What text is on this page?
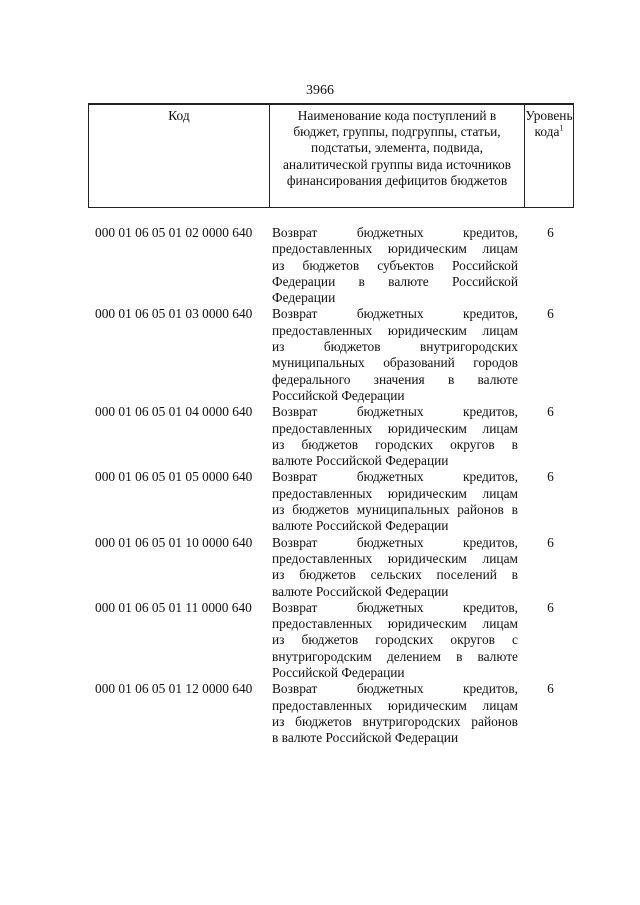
3966
Код	Наименование кода поступлений в бюджет, группы, подгруппы, статьи, подстатьи, элемента, подвида, аналитической группы вида источников финансирования дефицитов бюджетов
Уровень кода$^1$
000 01 06 05 01 02 0000 640	Возврат бюджетных кредитов,
предоставленных юридическим лицам
из бюджетов субъектов Российской
Федерации в валюте Российской
Федерации
6
000 01 06 05 01 03 0000 640	Возврат бюджетных кредитов,
предоставленных юридическим лицам
из бюджетов внутригородских
муниципальных образований городов
федерального значения в валюте
Российской Федерации
6
000 01 06 05 01 04 0000 640	Возврат бюджетных кредитов,
предоставленных юридическим лицам
из бюджетов городских округов в
валюте Российской Федерации
6
000 01 06 05 01 05 0000 640	Возврат бюджетных кредитов,
предоставленных юридическим лицам
из бюджетов муниципальных районов в
валюте Российской Федерации
6
000 01 06 05 01 10 0000 640	Возврат бюджетных кредитов,
предоставленных юридическим лицам
из бюджетов сельских поселений в
валюте Российской Федерации
6
000 01 06 05 01 11 0000 640	Возврат бюджетных кредитов,
предоставленных юридическим лицам
из бюджетов городских округов с
внутригородским делением в валюте
Российской Федерации
6
000 01 06 05 01 12 0000 640	Возврат бюджетных кредитов,
предоставленных юридическим лицам
из бюджетов внутригородских районов
в валюте Российской Федерации
6
